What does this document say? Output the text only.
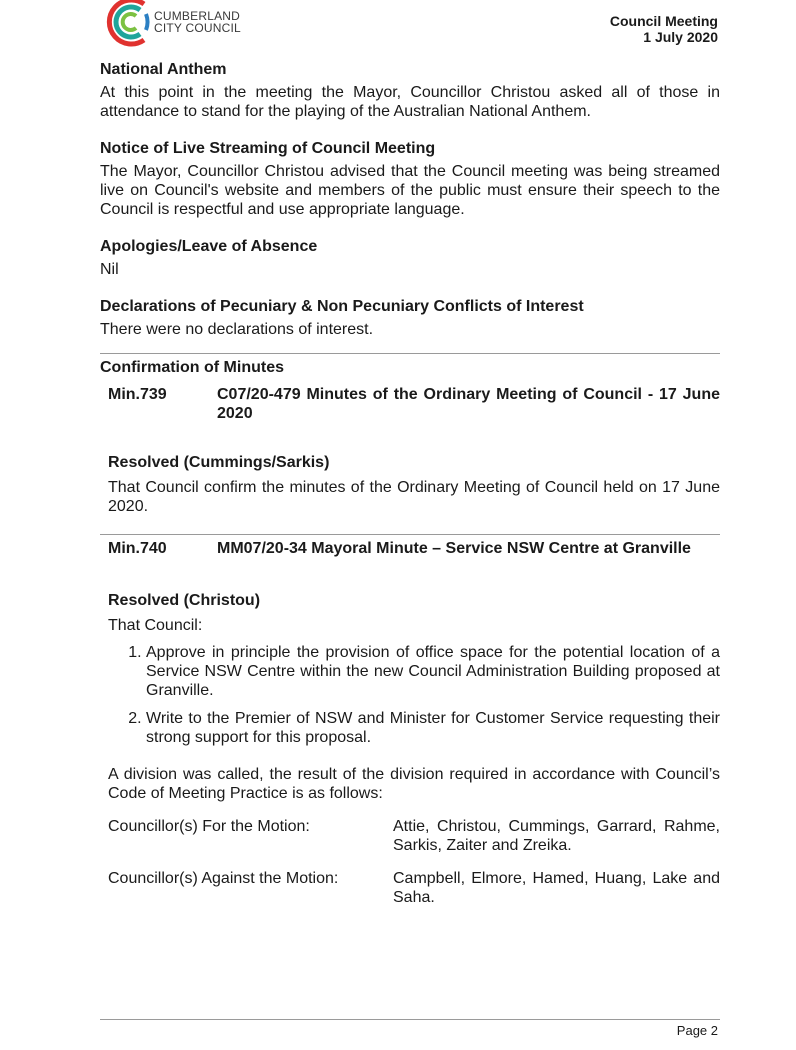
CUMBERLAND
CITY COUNCIL	Council Meeting
1 July 2020
National Anthem

At this point in the meeting the Mayor, Councillor Christou asked all of those in attendance to stand for the playing of the Australian National Anthem.

Notice of Live Streaming of Council Meeting

The Mayor, Councillor Christou advised that the Council meeting was being streamed live on Council's website and members of the public must ensure their speech to the Council is respectful and use appropriate language.

Apologies/Leave of Absence

Nil

Declarations of Pecuniary & Non Pecuniary Conflicts of Interest

There were no declarations of interest.

Confirmation of Minutes
Min.739	C07/20-479 Minutes of the Ordinary Meeting of Council - 17 June 2020
Resolved (Cummings/Sarkis)

That Council confirm the minutes of the Ordinary Meeting of Council held on 17 June 2020.

Min.740	MM07/20-34 Mayoral Minute – Service NSW Centre at Granville
Resolved (Christou)

That Council:

1. Approve in principle the provision of office space for the potential location of a Service NSW Centre within the new Council Administration Building proposed at Granville.
2. Write to the Premier of NSW and Minister for Customer Service requesting their strong support for this proposal.

A division was called, the result of the division required in accordance with Council’s Code of Meeting Practice is as follows:

Councillor(s) For the Motion:	Attie, Christou, Cummings, Garrard, Rahme, Sarkis, Zaiter and Zreika.
Councillor(s) Against the Motion:	Campbell, Elmore, Hamed, Huang, Lake and Saha.
Page 2
